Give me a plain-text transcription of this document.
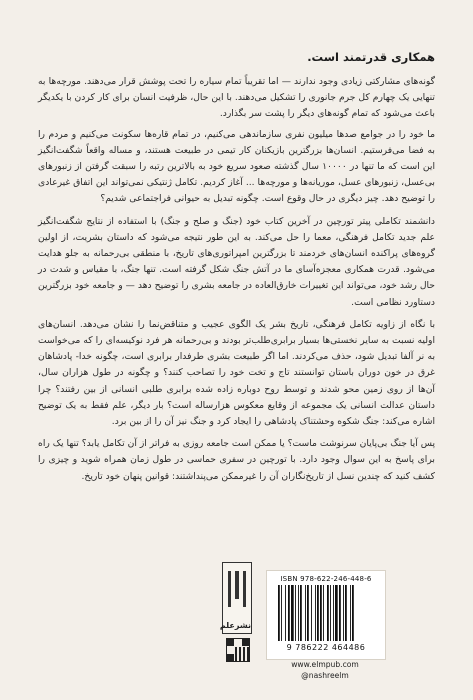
همکاری قدرتمند است.

گونه‌های مشارکتی زیادی وجود ندارند — اما تقریباً تمام سیاره را تحت پوشش قرار می‌دهند. مورچه‌ها به تنهایی یک چهارم کل جرم جانوری را تشکیل می‌دهند. با این حال، ظرفیت انسان برای کار کردن با یکدیگر باعث می‌شود که تمام گونه‌های دیگر را پشت سر بگذارد.

ما خود را در جوامع صدها میلیون نفری سازماندهی می‌کنیم، در تمام قاره‌ها سکونت می‌کنیم و مردم را به فضا می‌فرستیم. انسان‌ها بزرگترین بازیکنان کار تیمی در طبیعت هستند، و مساله واقعاً شگفت‌انگیز این است که ما تنها در ۱۰۰۰۰ سال گذشته صعود سریع خود به بالاترین رتبه را سبقت گرفتن از زنبورهای بی‌عسل، زنبورهای عسل، موریانه‌ها و مورچه‌ها ... آغاز کردیم. تکامل ژنتیکی نمی‌تواند این اتفاق غیرعادی را توضیح دهد. چیز دیگری در حال وقوع است. چگونه تبدیل به حیوانی فراجتماعی شدیم؟

دانشمند تکاملی پیتر تورچین در آخرین کتاب خود (جنگ و صلح و جنگ) با استفاده از نتایج شگفت‌انگیز علم جدید تکامل فرهنگی، معما را حل می‌کند. به این طور نتیجه می‌شود که داستان بشریت، از اولین گروه‌های پراکنده انسان‌های خردمند تا بزرگترین امپراتوری‌های تاریخ، با منطقی بی‌رحمانه به جلو هدایت می‌شود. قدرت همکاری معجزه‌آسای ما در آتش جنگ شکل گرفته است. تنها جنگ، با مقیاس و شدت در حال رشد خود، می‌تواند این تغییرات خارق‌العاده در جامعه بشری را توضیح دهد — و جامعه خود بزرگترین دستاورد نظامی است.

با نگاه از زاویه تکامل فرهنگی، تاریخ بشر یک الگوی عجیب و متناقض‌نما را نشان می‌دهد. انسان‌های اولیه نسبت به سایر نخستی‌ها بسیار برابری‌طلب‌تر بودند و بی‌رحمانه هر فرد نوکیسه‌ای را که می‌خواست به نر آلفا تبدیل شود، حذف می‌کردند. اما اگر طبیعت بشری طرفدار برابری است، چگونه خدا- پادشاهان غرق در خون دوران باستان توانستند تاج و تخت خود را تصاحب کنند؟ و چگونه در طول هزاران سال، آن‌ها از روی زمین محو شدند و توسط روح دوباره زاده شده برابری طلبی انسانی از بین رفتند؟ چرا داستان عدالت انسانی یک مجموعه از وقایع معکوس هزارساله است؟ بار دیگر، علم فقط به یک توضیح اشاره می‌کند: جنگ شکوه وحشتناک پادشاهی را ایجاد کرد و جنگ نیز آن را از بین برد.

پس آیا جنگ بی‌پایان سرنوشت ماست؟ یا ممکن است جامعه روزی به فراتر از آن تکامل یابد؟ تنها یک راه برای پاسخ به این سوال وجود دارد. با تورچین در سفری حماسی در طول زمان همراه شوید و چیزی را کشف کنید که چندین نسل از تاریخ‌نگاران آن را غیرممکن می‌پنداشتند: قوانین پنهان خود تاریخ.

نشرعلم
ISBN 978-622-246-448-6
9 786222 464486
www.elmpub.com
@nashreelm
